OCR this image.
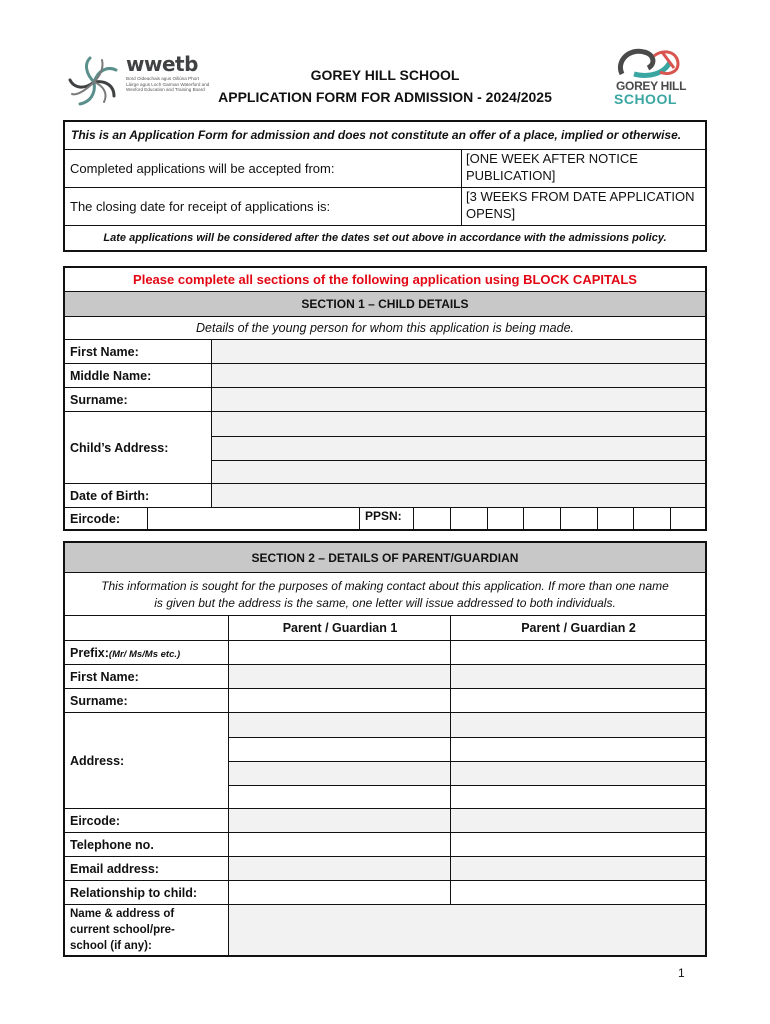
wwetb
Bord Oideachais agus Oiliúna Phort Láirge agus Loch Garman Waterford and Wexford Education and Training Board
GOREY HILL SCHOOL
APPLICATION FORM FOR ADMISSION - 2024/2025
GOREY HILL
SCHOOL
This is an Application Form for admission and does not constitute an offer of a place, implied or otherwise.
Completed applications will be accepted from:
[ONE WEEK AFTER NOTICE
PUBLICATION]
The closing date for receipt of applications is:
[3 WEEKS FROM DATE APPLICATION
OPENS]
Late applications will be considered after the dates set out above in accordance with the admissions policy.
Please complete all sections of the following application using BLOCK CAPITALS
SECTION 1 – CHILD DETAILS
Details of the young person for whom this application is being made.
First Name:
Middle Name:
Surname:
Child’s Address:
Date of Birth:
Eircode:	PPSN:
SECTION 2 – DETAILS OF PARENT/GUARDIAN
This information is sought for the purposes of making contact about this application. If more than one name
is given but the address is the same, one letter will issue addressed to both individuals.
Parent / Guardian 1	Parent / Guardian 2
Prefix:(Mr/ Ms/Ms etc.)
First Name:
Surname:
Address:
Eircode:
Telephone no.
Email address:
Relationship to child:
Name & address of
current school/pre-
school (if any):
1
